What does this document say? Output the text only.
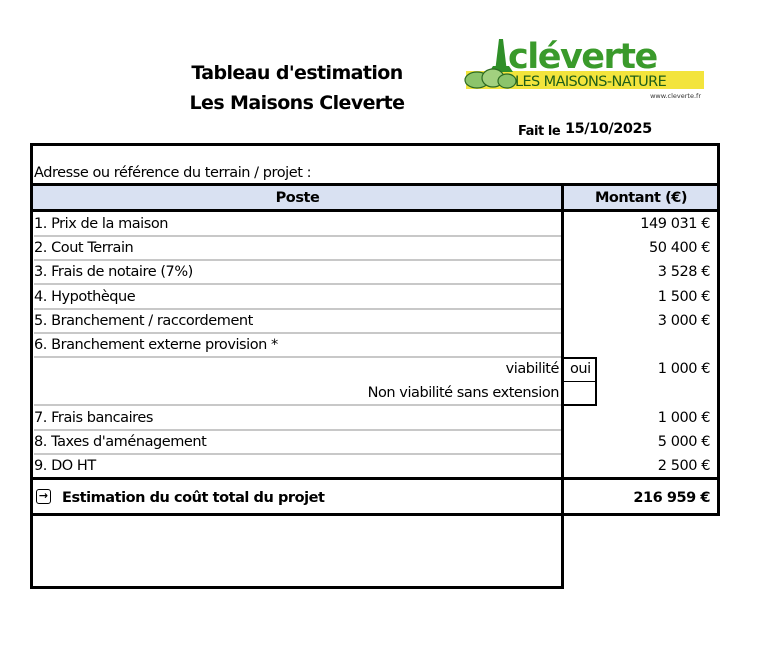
Tableau d'estimation
Les Maisons Cleverte
cléverte
LES MAISONS-NATURE
www.cleverte.fr
Fait le 15/10/2025
Adresse ou référence du terrain / projet :
Poste	Montant (€)
1. Prix de la maison	149 031 €
2. Cout Terrain	50 400 €
3. Frais de notaire (7%)	3 528 €
4. Hypothèque	1 500 €
5. Branchement / raccordement	3 000 €
6. Branchement externe provision *
viabilité oui	1 000 €
Non viabilité sans extension
7. Frais bancaires	1 000 €
8. Taxes d'aménagement	5 000 €
9. DO HT	2 500 €
→ Estimation du coût total du projet	216 959 €
